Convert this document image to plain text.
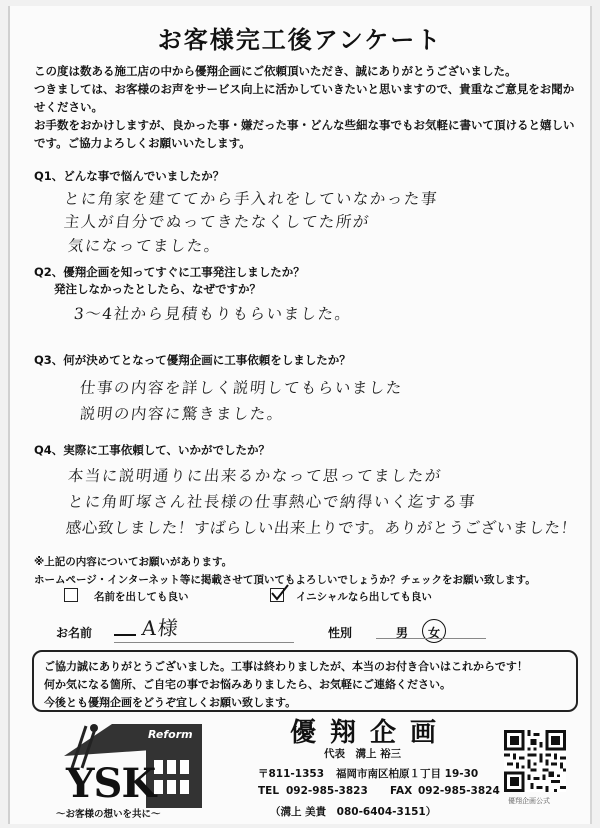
お客様完工後アンケート
この度は数ある施工店の中から優翔企画にご依頼頂いただき、誠にありがとうございました。
つきましては、お客様のお声をサービス向上に活かしていきたいと思いますので、貴重なご意見をお聞かせください。
お手数をおかけしますが、良かった事・嫌だった事・どんな些細な事でもお気軽に書いて頂けると嬉しいです。ご協力よろしくお願いいたします。
Q1、どんな事で悩んでいましたか？
とに角家を建ててから手入れをしていなかった事
主人が自分でぬってきたなくしてた所が
気になってました。
Q2、優翔企画を知ってすぐに工事発注しましたか？
発注しなかったとしたら、なぜですか？
3～4社から見積もりもらいました。
Q3、何が決めてとなって優翔企画に工事依頼をしましたか？
仕事の内容を詳しく説明してもらいました
説明の内容に驚きました。
Q4、実際に工事依頼して、いかがでしたか？
本当に説明通りに出来るかなって思ってましたが
とに角町塚さん社長様の仕事熱心で納得いく迄する事
感心致しました！すばらしい出来上りです。ありがとうございました！
※上記の内容についてお願いがあります。
ホームページ・インターネット等に掲載させて頂いてもよろしいでしょうか？チェックをお願い致します。
名前を出しても良い	イニシャルなら出しても良い
お名前 A様	性別	男 女
ご協力誠にありがとうございました。工事は終わりましたが、本当のお付き合いはこれからです！
何か気になる箇所、ご自宅の事でお悩みありましたら、お気軽にご連絡ください。
今後とも優翔企画をどうぞ宜しくお願い致します。
Reform
YSK
～お客様の想いを共に～
優翔企画
代表　溝上 裕三
〒811-1353 福岡市南区柏原１丁目 19-30
TEL 092-985-3823 FAX 092-985-3824
（溝上 美貴　080-6404-3151）
優翔企画公式
